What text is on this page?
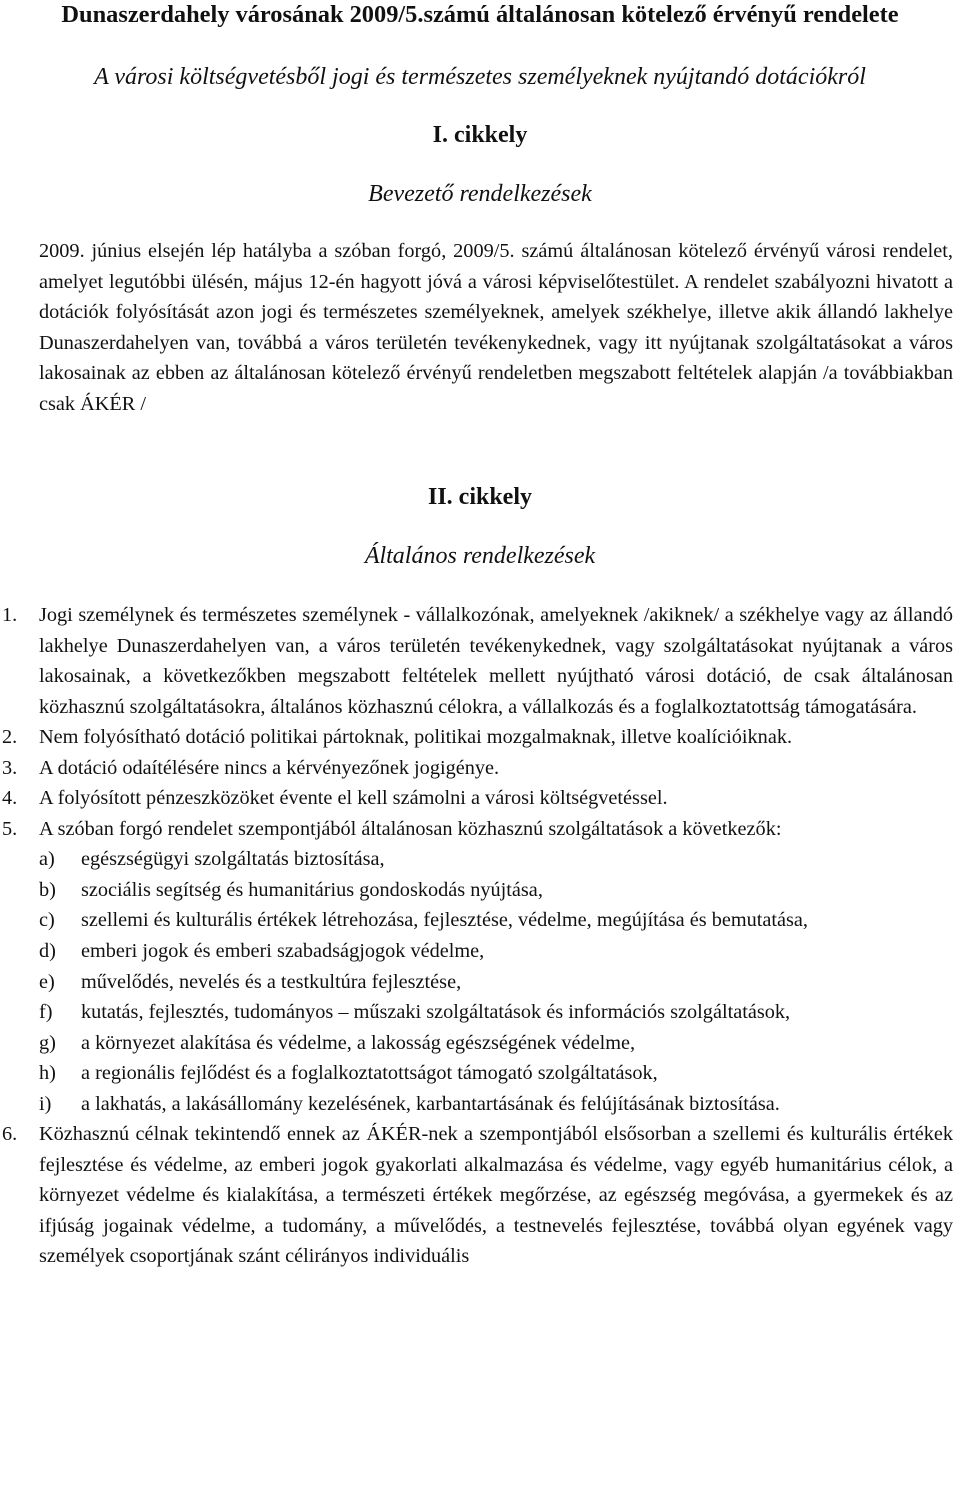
Dunaszerdahely városának 2009/5.számú általánosan kötelező érvényű rendelete

A városi költségvetésből jogi és természetes személyeknek nyújtandó dotációkról

I. cikkely

Bevezető rendelkezések

2009. június elsején lép hatályba a szóban forgó, 2009/5. számú általánosan kötelező érvényű városi rendelet, amelyet legutóbbi ülésén, május 12-én hagyott jóvá a városi képviselőtestület. A rendelet szabályozni hivatott a dotációk folyósítását azon jogi és természetes személyeknek, amelyek székhelye, illetve akik állandó lakhelye Dunaszerdahelyen van, továbbá a város területén tevékenykednek, vagy itt nyújtanak szolgáltatásokat a város lakosainak az ebben az általánosan kötelező érvényű rendeletben megszabott feltételek alapján /a továbbiakban csak ÁKÉR /

II. cikkely

Általános rendelkezések

1. Jogi személynek és természetes személynek - vállalkozónak, amelyeknek /akiknek/ a székhelye vagy az állandó lakhelye Dunaszerdahelyen van, a város területén tevékenykednek, vagy szolgáltatásokat nyújtanak a város lakosainak, a következőkben megszabott feltételek mellett nyújtható városi dotáció, de csak általánosan közhasznú szolgáltatásokra, általános közhasznú célokra, a vállalkozás és a foglalkoztatottság támogatására.
2. Nem folyósítható dotáció politikai pártoknak, politikai mozgalmaknak, illetve koalícióiknak.
3. A dotáció odaítélésére nincs a kérvényezőnek jogigénye.
4. A folyósított pénzeszközöket évente el kell számolni a városi költségvetéssel.
5. A szóban forgó rendelet szempontjából általánosan közhasznú szolgáltatások a következők:
a) egészségügyi szolgáltatás biztosítása,
b) szociális segítség és humanitárius gondoskodás nyújtása,
c) szellemi és kulturális értékek létrehozása, fejlesztése, védelme, megújítása és bemutatása,
d) emberi jogok és emberi szabadságjogok védelme,
e) művelődés, nevelés és a testkultúra fejlesztése,
f) kutatás, fejlesztés, tudományos – műszaki szolgáltatások és információs szolgáltatások,
g) a környezet alakítása és védelme, a lakosság egészségének védelme,
h) a regionális fejlődést és a foglalkoztatottságot támogató szolgáltatások,
i) a lakhatás, a lakásállomány kezelésének, karbantartásának és felújításának biztosítása.
6. Közhasznú célnak tekintendő ennek az ÁKÉR-nek a szempontjából elsősorban a szellemi és kulturális értékek fejlesztése és védelme, az emberi jogok gyakorlati alkalmazása és védelme, vagy egyéb humanitárius célok, a környezet védelme és kialakítása, a természeti értékek megőrzése, az egészség megóvása, a gyermekek és az ifjúság jogainak védelme, a tudomány, a művelődés, a testnevelés fejlesztése, továbbá olyan egyének vagy személyek csoportjának szánt célirányos individuális
